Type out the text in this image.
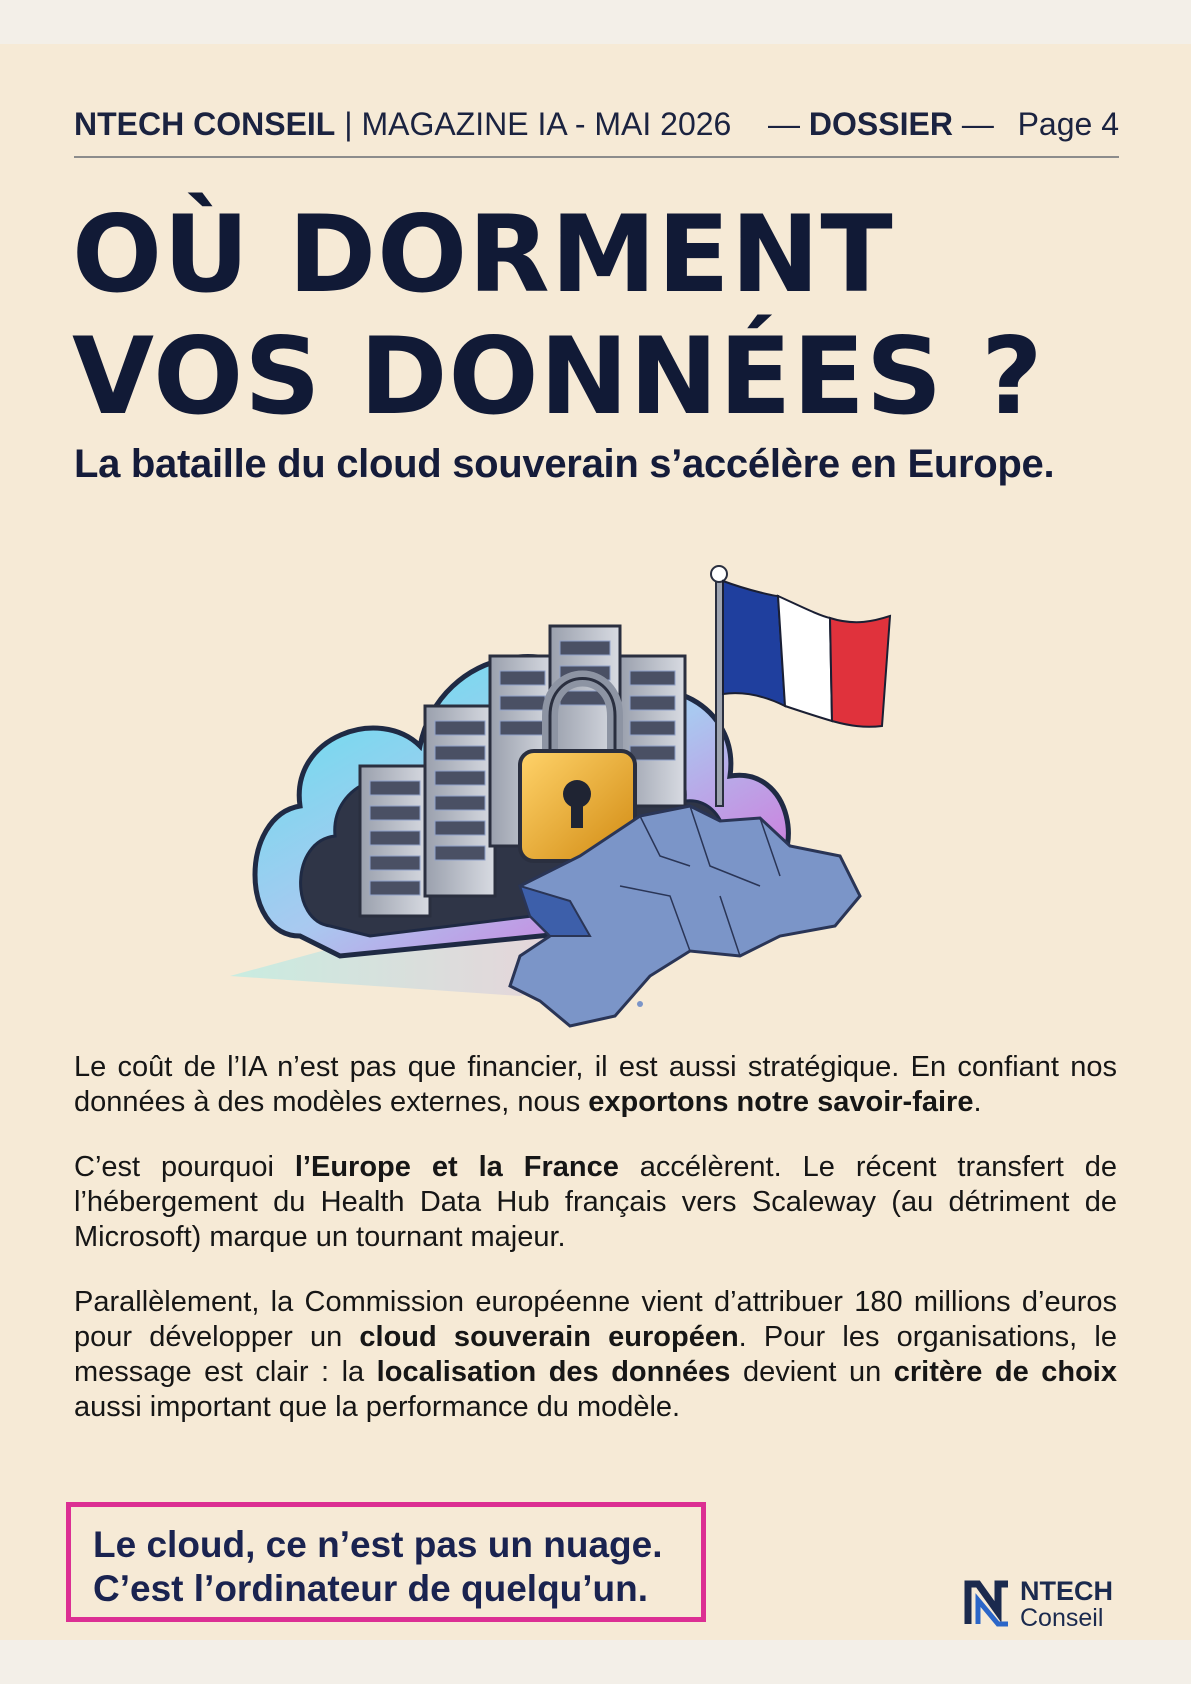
NTECH CONSEIL | MAGAZINE IA - MAI 2026 — DOSSIER — Page 4
OÙ DORMENT
VOS DONNÉES ?
La bataille du cloud souverain s’accélère en Europe.

Le coût de l’IA n’est pas que financier, il est aussi stratégique. En confiant nos données à des modèles externes, nous exportons notre savoir-faire.

C’est pourquoi l’Europe et la France accélèrent. Le récent transfert de l’hébergement du Health Data Hub français vers Scaleway (au détriment de Microsoft) marque un tournant majeur.

Parallèlement, la Commission européenne vient d’attribuer 180 millions d’euros pour développer un cloud souverain européen. Pour les organisations, le message est clair : la localisation des données devient un critère de choix aussi important que la performance du modèle.

Le cloud, ce n’est pas un nuage.
C’est l’ordinateur de quelqu’un.	NTECH
Conseil
